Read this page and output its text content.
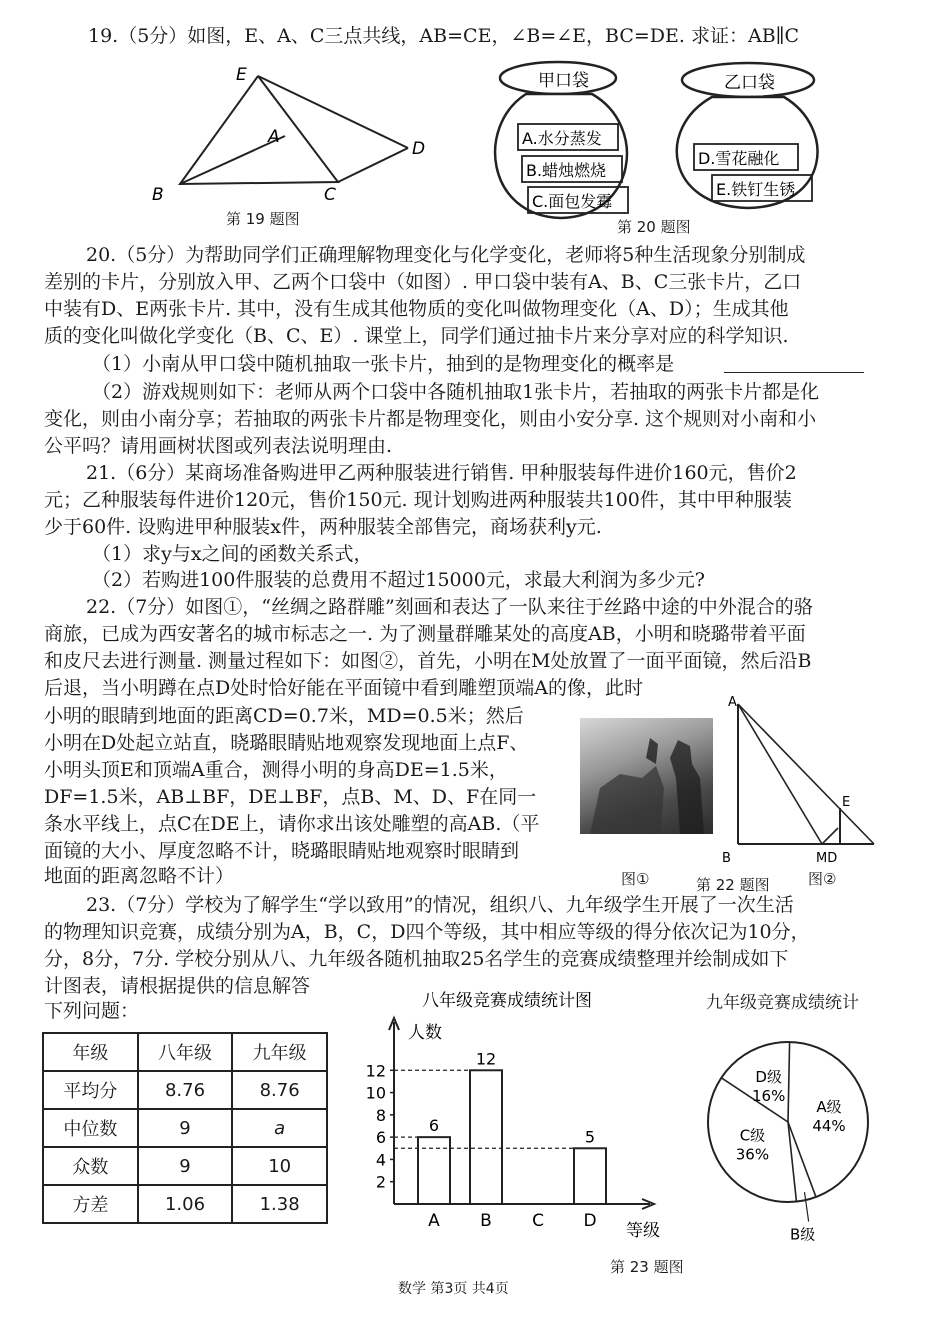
19.（5分）如图，E、A、C三点共线，AB=CE，∠B=∠E，BC=DE. 求证：AB∥C
E
A
B	C
D
第 19 题图
甲口袋
A.水分蒸发
B.蜡烛燃烧
C.面包发霉
乙口袋
D.雪花融化
E.铁钉生锈
第 20 题图
20.（5分）为帮助同学们正确理解物理变化与化学变化，老师将5种生活现象分别制成
差别的卡片，分别放入甲、乙两个口袋中（如图）. 甲口袋中装有A、B、C三张卡片，乙口
中装有D、E两张卡片. 其中，没有生成其他物质的变化叫做物理变化（A、D）；生成其他
质的变化叫做化学变化（B、C、E）. 课堂上，同学们通过抽卡片来分享对应的科学知识.
（1）小南从甲口袋中随机抽取一张卡片，抽到的是物理变化的概率是
（2）游戏规则如下：老师从两个口袋中各随机抽取1张卡片，若抽取的两张卡片都是化
变化，则由小南分享；若抽取的两张卡片都是物理变化，则由小安分享. 这个规则对小南和小
公平吗？请用画树状图或列表法说明理由.
21.（6分）某商场准备购进甲乙两种服装进行销售. 甲种服装每件进价160元，售价2
元；乙种服装每件进价120元，售价150元. 现计划购进两种服装共100件，其中甲种服装
少于60件. 设购进甲种服装x件，两种服装全部售完，商场获利y元.
（1）求y与x之间的函数关系式，
（2）若购进100件服装的总费用不超过15000元，求最大利润为多少元?
22.（7分）如图①，“丝绸之路群雕”刻画和表达了一队来往于丝路中途的中外混合的骆
商旅，已成为西安著名的城市标志之一. 为了测量群雕某处的高度AB，小明和晓璐带着平面
和皮尺去进行测量. 测量过程如下：如图②，首先，小明在M处放置了一面平面镜，然后沿B
后退，当小明蹲在点D处时恰好能在平面镜中看到雕塑顶端A的像，此时
小明的眼睛到地面的距离CD=0.7米，MD=0.5米；然后
小明在D处起立站直，晓璐眼睛贴地观察发现地面上点F、
小明头顶E和顶端A重合，测得小明的身高DE=1.5米，
DF=1.5米，AB⊥BF，DE⊥BF，点B、M、D、F在同一
条水平线上，点C在DE上，请你求出该处雕塑的高AB.（平
面镜的大小、厚度忽略不计，晓璐眼睛贴地观察时眼睛到
地面的距离忽略不计）	图①	第 22 题图	图②
A
B
E
MD
23.（7分）学校为了解学生“学以致用”的情况，组织八、九年级学生开展了一次生活
的物理知识竞赛，成绩分别为A，B，C，D四个等级，其中相应等级的得分依次记为10分，
分，8分，7分. 学校分别从八、九年级各随机抽取25名学生的竞赛成绩整理并绘制成如下
计图表，请根据提供的信息解答
下列问题：
年级	八年级	九年级
平均分	8.76	8.76
中位数	9	a
众数	9	10
方差	1.06	1.38
八年级竞赛成绩统计图
人数
等级
2
4
6
8
10
12
6
A
12
B C
5
D
九年级竞赛成绩统计
A级
44%
B级
C级
36%
D级
16%
第 23 题图
数学 第3页 共4页
